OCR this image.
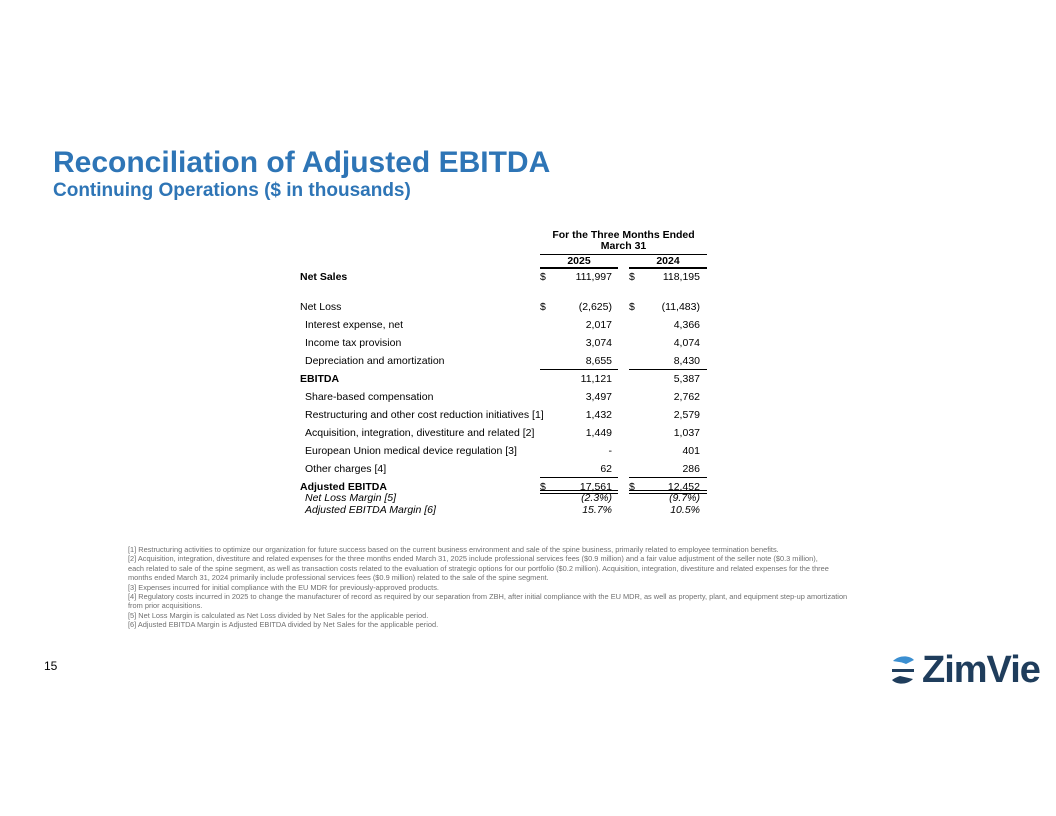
Reconciliation of Adjusted EBITDA
Continuing Operations ($ in thousands)
For the Three Months Ended
March 31
2025	2024
Net Sales	$	111,997 $	118,195
Net Loss	$	(2,625) $	(11,483)
Interest expense, net	2,017	4,366
Income tax provision	3,074	4,074
Depreciation and amortization	8,655	8,430
EBITDA	11,121	5,387
Share-based compensation	3,497	2,762
Restructuring and other cost reduction initiatives [1]	1,432	2,579
Acquisition, integration, divestiture and related [2]	1,449	1,037
European Union medical device regulation [3]	-	401
Other charges [4]	62	286
Adjusted EBITDA	$	17,561 $	12,452
Net Loss Margin [5]	(2.3%)	(9.7%)
Adjusted EBITDA Margin [6]	15.7%	10.5%

[1] Restructuring activities to optimize our organization for future success based on the current business environment and sale of the spine business, primarily related to employee termination benefits.

[2] Acquisition, integration, divestiture and related expenses for the three months ended March 31, 2025 include professional services fees ($0.9 million) and a fair value adjustment of the seller note ($0.3 million),

each related to sale of the spine segment, as well as transaction costs related to the evaluation of strategic options for our portfolio ($0.2 million). Acquisition, integration, divestiture and related expenses for the three

months ended March 31, 2024 primarily include professional services fees ($0.9 million) related to the sale of the spine segment.

[3] Expenses incurred for initial compliance with the EU MDR for previously-approved products.

[4] Regulatory costs incurred in 2025 to change the manufacturer of record as required by our separation from ZBH, after initial compliance with the EU MDR, as well as property, plant, and equipment step-up amortization

from prior acquisitions.

[5] Net Loss Margin is calculated as Net Loss divided by Net Sales for the applicable period.

[6] Adjusted EBITDA Margin is Adjusted EBITDA divided by Net Sales for the applicable period.

15	ZimVie
